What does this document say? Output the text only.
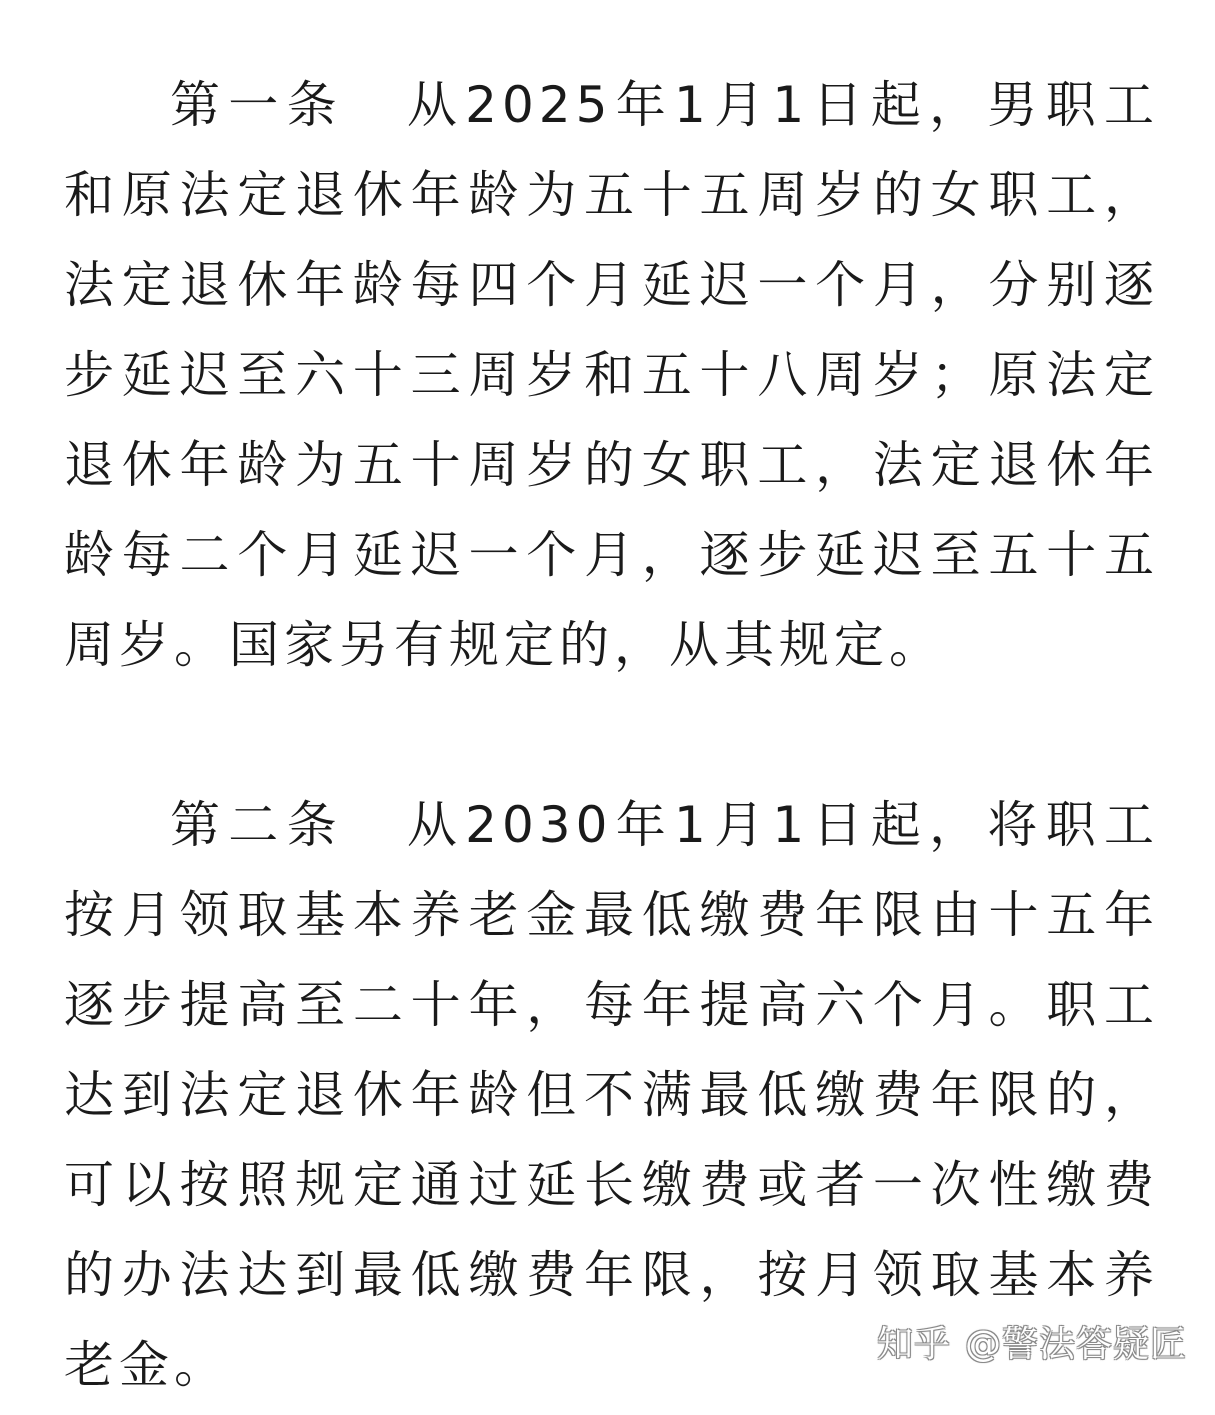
第一条 从2025年1月1日起，男职工和原法定退休年龄为五十五周岁的女职工，法定退休年龄每四个月延迟一个月，分别逐步延迟至六十三周岁和五十八周岁；原法定退休年龄为五十周岁的女职工，法定退休年龄每二个月延迟一个月，逐步延迟至五十五周岁。国家另有规定的，从其规定。

第二条 从2030年1月1日起，将职工按月领取基本养老金最低缴费年限由十五年逐步提高至二十年，每年提高六个月。职工达到法定退休年龄但不满最低缴费年限的，可以按照规定通过延长缴费或者一次性缴费的办法达到最低缴费年限，按月领取基本养老金。	知乎 @警法答疑匠
